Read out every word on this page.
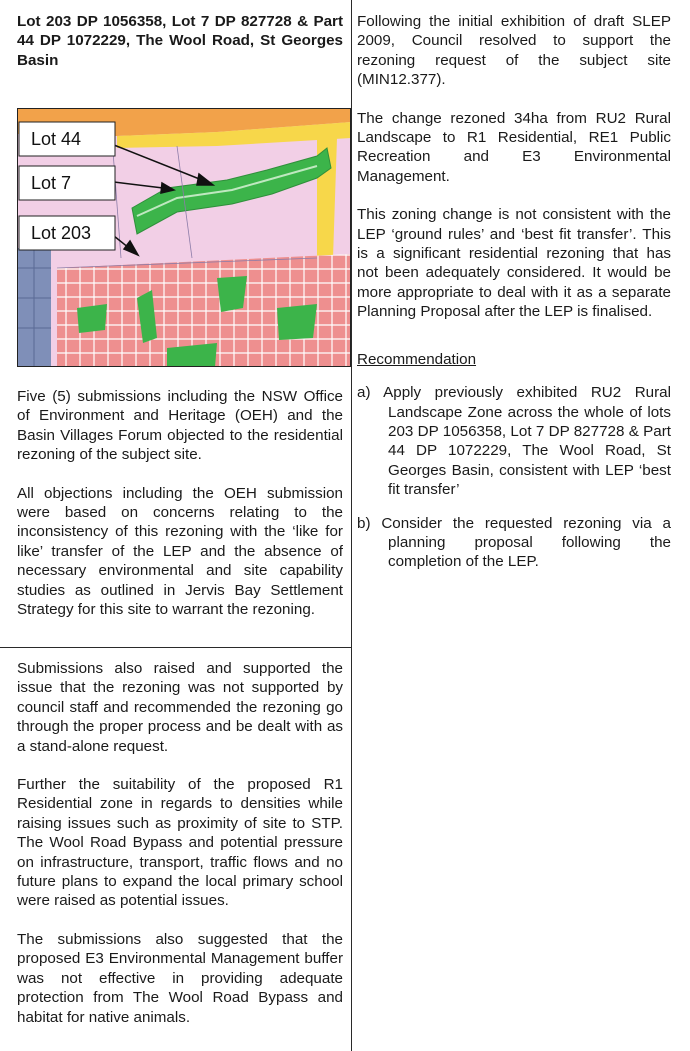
Lot 203 DP 1056358, Lot 7 DP 827728 & Part 44 DP 1072229, The Wool Road, St Georges Basin

Lot 44
Lot 7
Lot 203

Five (5) submissions including the NSW Office of Environment and Heritage (OEH) and the Basin Villages Forum objected to the residential rezoning of the subject site.

All objections including the OEH submission were based on concerns relating to the inconsistency of this rezoning with the ‘like for like’ transfer of the LEP and the absence of necessary environmental and site capability studies as outlined in Jervis Bay Settlement Strategy for this site to warrant the rezoning.

Submissions also raised and supported the issue that the rezoning was not supported by council staff and recommended the rezoning go through the proper process and be dealt with as a stand-alone request.

Further the suitability of the proposed R1 Residential zone in regards to densities while raising issues such as proximity of site to STP. The Wool Road Bypass and potential pressure on infrastructure, transport, traffic flows and no future plans to expand the local primary school were raised as potential issues.

The submissions also suggested that the proposed E3 Environmental Management buffer was not effective in providing adequate protection from The Wool Road Bypass and habitat for native animals.

Following the initial exhibition of draft SLEP 2009, Council resolved to support the rezoning request of the subject site (MIN12.377).

The change rezoned 34ha from RU2 Rural Landscape to R1 Residential, RE1 Public Recreation and E3 Environmental Management.

This zoning change is not consistent with the LEP ‘ground rules’ and ‘best fit transfer’. This is a significant residential rezoning that has not been adequately considered. It would be more appropriate to deal with it as a separate Planning Proposal after the LEP is finalised.

Recommendation

a) Apply previously exhibited RU2 Rural Landscape Zone across the whole of lots 203 DP 1056358, Lot 7 DP 827728 & Part 44 DP 1072229, The Wool Road, St Georges Basin, consistent with LEP ‘best fit transfer’

b) Consider the requested rezoning via a planning proposal following the completion of the LEP.
